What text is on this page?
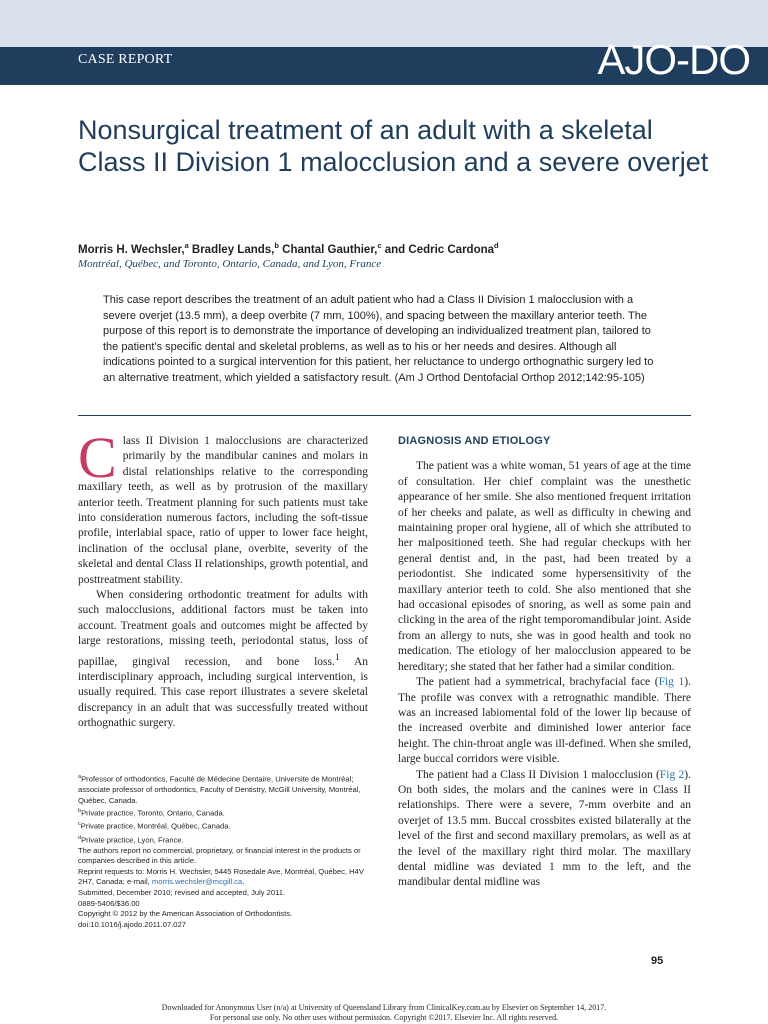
CASE REPORT	AJO-DO
Nonsurgical treatment of an adult with a skeletal Class II Division 1 malocclusion and a severe overjet
Morris H. Wechsler,$^a$ Bradley Lands,$^b$ Chantal Gauthier,$^c$ and Cedric Cardona$^d$
Montréal, Québec, and Toronto, Ontario, Canada, and Lyon, France

This case report describes the treatment of an adult patient who had a Class II Division 1 malocclusion with a severe overjet (13.5 mm), a deep overbite (7 mm, 100%), and spacing between the maxillary anterior teeth. The purpose of this report is to demonstrate the importance of developing an individualized treatment plan, tailored to the patient’s specific dental and skeletal problems, as well as to his or her needs and desires. Although all indications pointed to a surgical intervention for this patient, her reluctance to undergo orthognathic surgery led to an alternative treatment, which yielded a satisfactory result. (Am J Orthod Dentofacial Orthop 2012;142:95-105)

Class II Division 1 malocclusions are characterized primarily by the mandibular canines and molars in distal relationships relative to the corresponding maxillary teeth, as well as by protrusion of the maxillary anterior teeth. Treatment planning for such patients must take into consideration numerous factors, including the soft-tissue profile, interlabial space, ratio of upper to lower face height, inclination of the occlusal plane, overbite, severity of the skeletal and dental Class II relationships, growth potential, and posttreatment stability.

When considering orthodontic treatment for adults with such malocclusions, additional factors must be taken into account. Treatment goals and outcomes might be affected by large restorations, missing teeth, periodontal status, loss of papillae, gingival recession, and bone loss.$^1$ An interdisciplinary approach, including surgical intervention, is usually required. This case report illustrates a severe skeletal discrepancy in an adult that was successfully treated without orthognathic surgery.

DIAGNOSIS AND ETIOLOGY

The patient was a white woman, 51 years of age at the time of consultation. Her chief complaint was the unesthetic appearance of her smile. She also mentioned frequent irritation of her cheeks and palate, as well as difficulty in chewing and maintaining proper oral hygiene, all of which she attributed to her malpositioned teeth. She had regular checkups with her general dentist and, in the past, had been treated by a periodontist. She indicated some hypersensitivity of the maxillary anterior teeth to cold. She also mentioned that she had occasional episodes of snoring, as well as some pain and clicking in the area of the right temporomandibular joint. Aside from an allergy to nuts, she was in good health and took no medication. The etiology of her malocclusion appeared to be hereditary; she stated that her father had a similar condition.

The patient had a symmetrical, brachyfacial face (Fig 1). The profile was convex with a retrognathic mandible. There was an increased labiomental fold of the lower lip because of the increased overbite and diminished lower anterior face height. The chin-throat angle was ill-defined. When she smiled, large buccal corridors were visible.

The patient had a Class II Division 1 malocclusion (Fig 2). On both sides, the molars and the canines were in Class II relationships. There were a severe, 7-mm overbite and an overjet of 13.5 mm. Buccal crossbites existed bilaterally at the level of the first and second maxillary premolars, as well as at the level of the maxillary right third molar. The maxillary dental midline was deviated 1 mm to the left, and the mandibular dental midline was

$^a$Professor of orthodontics, Faculté de Médecine Dentaire, Universite de Montréal; associate professor of orthodontics, Faculty of Dentistry, McGill University, Montréal, Québec, Canada.
$^b$Private practice, Toronto, Ontario, Canada.
$^c$Private practice, Montréal, Québec, Canada.
$^d$Private practice, Lyon, France.
The authors report no commercial, proprietary, or financial interest in the products or companies described in this article.
Reprint requests to: Morris H. Wechsler, 5445 Rosedale Ave, Montréal, Québec, H4V 2H7, Canada; e-mail, morris.wechsler@mcgill.ca.
Submitted, December 2010; revised and accepted, July 2011.
0889-5406/$36.00
Copyright © 2012 by the American Association of Orthodontists.
doi:10.1016/j.ajodo.2011.07.027
95
Downloaded for Anonymous User (n/a) at University of Queensland Library from ClinicalKey.com.au by Elsevier on September 14, 2017.
For personal use only. No other uses without permission. Copyright ©2017. Elsevier Inc. All rights reserved.
